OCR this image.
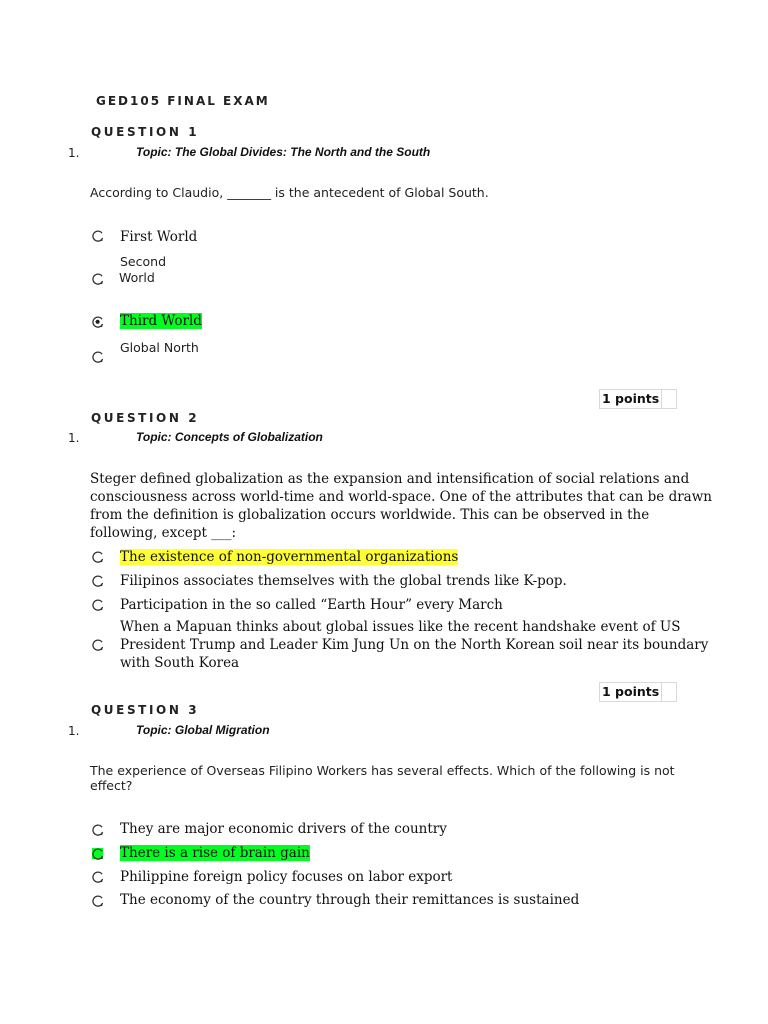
GED105 FINAL EXAM
QUESTION 1
1.	Topic: The Global Divides: The North and the South
According to Claudio, _______ is the antecedent of Global South.
First World
Second
World
Third World
Global North
1 points
QUESTION 2
1.	Topic: Concepts of Globalization
Steger defined globalization as the expansion and intensification of social relations and
consciousness across world-time and world-space. One of the attributes that can be drawn
from the definition is globalization occurs worldwide. This can be observed in the
following, except ___:
The existence of non-governmental organizations
Filipinos associates themselves with the global trends like K-pop.
Participation in the so called “Earth Hour” every March
When a Mapuan thinks about global issues like the recent handshake event of US
President Trump and Leader Kim Jung Un on the North Korean soil near its boundary
with South Korea
1 points
QUESTION 3
1.	Topic: Global Migration
The experience of Overseas Filipino Workers has several effects. Which of the following is not
effect?
They are major economic drivers of the country
There is a rise of brain gain
Philippine foreign policy focuses on labor export
The economy of the country through their remittances is sustained
